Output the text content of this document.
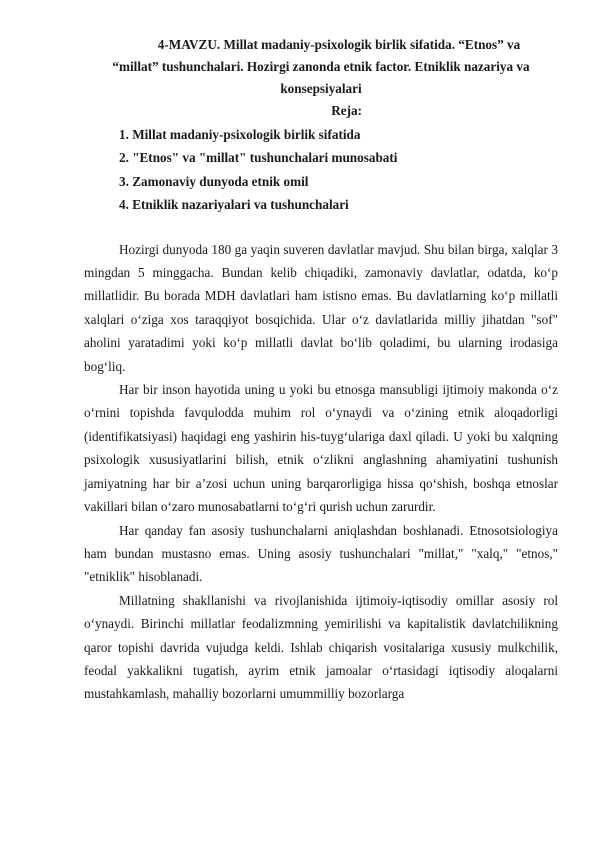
4-MAVZU. Millat madaniy-psixologik birlik sifatida. “Etnos” va
“millat” tushunchalari. Hozirgi zanonda etnik factor. Etniklik nazariya va konsepsiyalari

Reja:

1. Millat madaniy-psixologik birlik sifatida
2. "Etnos" va "millat" tushunchalari munosabati
3. Zamonaviy dunyoda etnik omil
4. Etniklik nazariyalari va tushunchalari

Hozirgi dunyoda 180 ga yaqin suveren davlatlar mavjud. Shu bilan birga, xalqlar 3 mingdan 5 minggacha. Bundan kelib chiqadiki, zamonaviy davlatlar, odatda, ko‘p millatlidir. Bu borada MDH davlatlari ham istisno emas. Bu davlatlarning ko‘p millatli xalqlari o‘ziga xos taraqqiyot bosqichida. Ular o‘z davlatlarida milliy jihatdan "sof" aholini yaratadimi yoki ko‘p millatli davlat bo‘lib qoladimi, bu ularning irodasiga bog‘liq.

Har bir inson hayotida uning u yoki bu etnosga mansubligi ijtimoiy makonda o‘z o‘rnini topishda favqulodda muhim rol o‘ynaydi va o‘zining etnik aloqadorligi (identifikatsiyasi) haqidagi eng yashirin his-tuyg‘ularіga daxl qiladi. U yoki bu xalqning psixologik xususiyatlarini bilish, etnik o‘zlikni anglashning ahamiyatini tushunish jamiyatning har bir a’zosi uchun uning barqarorligiga hissa qo‘shish, boshqa etnoslar vakillari bilan o‘zaro munosabatlarni to‘g‘ri qurish uchun zarurdir.

Har qanday fan asosiy tushunchalarni aniqlashdan boshlanadi. Etnosotsiologiya ham bundan mustasno emas. Uning asosiy tushunchalari "millat," "xalq," "etnos," "etniklik" hisoblanadi.

Millatning shakllanishi va rivojlanishida ijtimoiy-iqtisodiy omillar asosiy rol o‘ynaydi. Birinchi millatlar feodalizmning yemirilishi va kapitalistik davlatchilikning qaror topishi davrida vujudga keldi. Ishlab chiqarish vositalariga xususiy mulkchilik, feodal yakkalikni tugatish, ayrim etnik jamoalar o‘rtasidagi iqtisodiy aloqalarni mustahkamlash, mahalliy bozorlarni umummilliy bozorlarga
